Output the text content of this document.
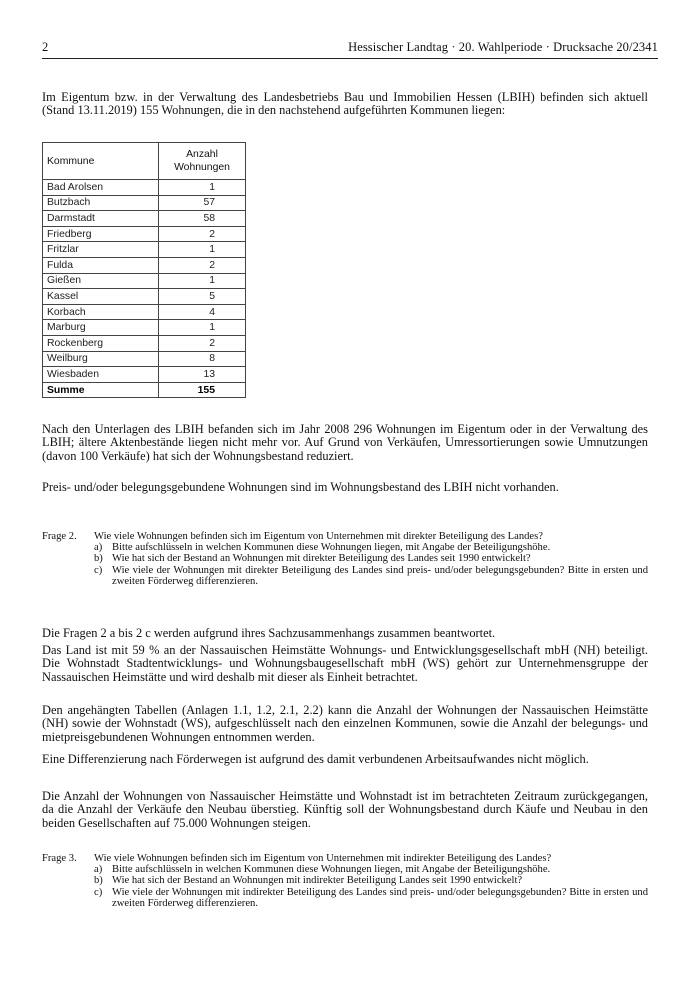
2	Hessischer Landtag · 20. Wahlperiode · Drucksache 20/2341

Im Eigentum bzw. in der Verwaltung des Landesbetriebs Bau und Immobilien Hessen (LBIH) befinden sich aktuell (Stand 13.11.2019) 155 Wohnungen, die in den nachstehend aufgeführten Kommunen liegen:

Kommune	Anzahl
Wohnungen
Bad Arolsen	1
Butzbach	57
Darmstadt	58
Friedberg	2
Fritzlar	1
Fulda	2
Gießen	1
Kassel	5
Korbach	4
Marburg	1
Rockenberg	2
Weilburg	8
Wiesbaden	13
Summe	155

Nach den Unterlagen des LBIH befanden sich im Jahr 2008 296 Wohnungen im Eigentum oder in der Verwaltung des LBIH; ältere Aktenbestände liegen nicht mehr vor. Auf Grund von Verkäufen, Umressortierungen sowie Umnutzungen (davon 100 Verkäufe) hat sich der Wohnungsbestand reduziert.

Preis- und/oder belegungsgebundene Wohnungen sind im Wohnungsbestand des LBIH nicht vorhanden.

Frage 2.	Wie viele Wohnungen befinden sich im Eigentum von Unternehmen mit direkter Beteiligung des Landes?
a) Bitte aufschlüsseln in welchen Kommunen diese Wohnungen liegen, mit Angabe der Beteiligungshöhe.
b) Wie hat sich der Bestand an Wohnungen mit direkter Beteiligung des Landes seit 1990 entwickelt?
c) Wie viele der Wohnungen mit direkter Beteiligung des Landes sind preis- und/oder belegungsgebunden? Bitte in ersten und zweiten Förderweg differenzieren.

Die Fragen 2 a bis 2 c werden aufgrund ihres Sachzusammenhangs zusammen beantwortet.

Das Land ist mit 59 % an der Nassauischen Heimstätte Wohnungs- und Entwicklungsgesellschaft mbH (NH) beteiligt. Die Wohnstadt Stadtentwicklungs- und Wohnungsbaugesellschaft mbH (WS) gehört zur Unternehmensgruppe der Nassauischen Heimstätte und wird deshalb mit dieser als Einheit betrachtet.

Den angehängten Tabellen (Anlagen 1.1, 1.2, 2.1, 2.2) kann die Anzahl der Wohnungen der Nassauischen Heimstätte (NH) sowie der Wohnstadt (WS), aufgeschlüsselt nach den einzelnen Kommunen, sowie die Anzahl der belegungs- und mietpreisgebundenen Wohnungen entnommen werden.

Eine Differenzierung nach Förderwegen ist aufgrund des damit verbundenen Arbeitsaufwandes nicht möglich.

Die Anzahl der Wohnungen von Nassauischer Heimstätte und Wohnstadt ist im betrachteten Zeitraum zurückgegangen, da die Anzahl der Verkäufe den Neubau überstieg. Künftig soll der Wohnungsbestand durch Käufe und Neubau in den beiden Gesellschaften auf 75.000 Wohnungen steigen.

Frage 3.	Wie viele Wohnungen befinden sich im Eigentum von Unternehmen mit indirekter Beteiligung des Landes?
a) Bitte aufschlüsseln in welchen Kommunen diese Wohnungen liegen, mit Angabe der Beteiligungshöhe.
b) Wie hat sich der Bestand an Wohnungen mit indirekter Beteiligung Landes seit 1990 entwickelt?
c) Wie viele der Wohnungen mit indirekter Beteiligung des Landes sind preis- und/oder belegungsgebunden? Bitte in ersten und zweiten Förderweg differenzieren.
